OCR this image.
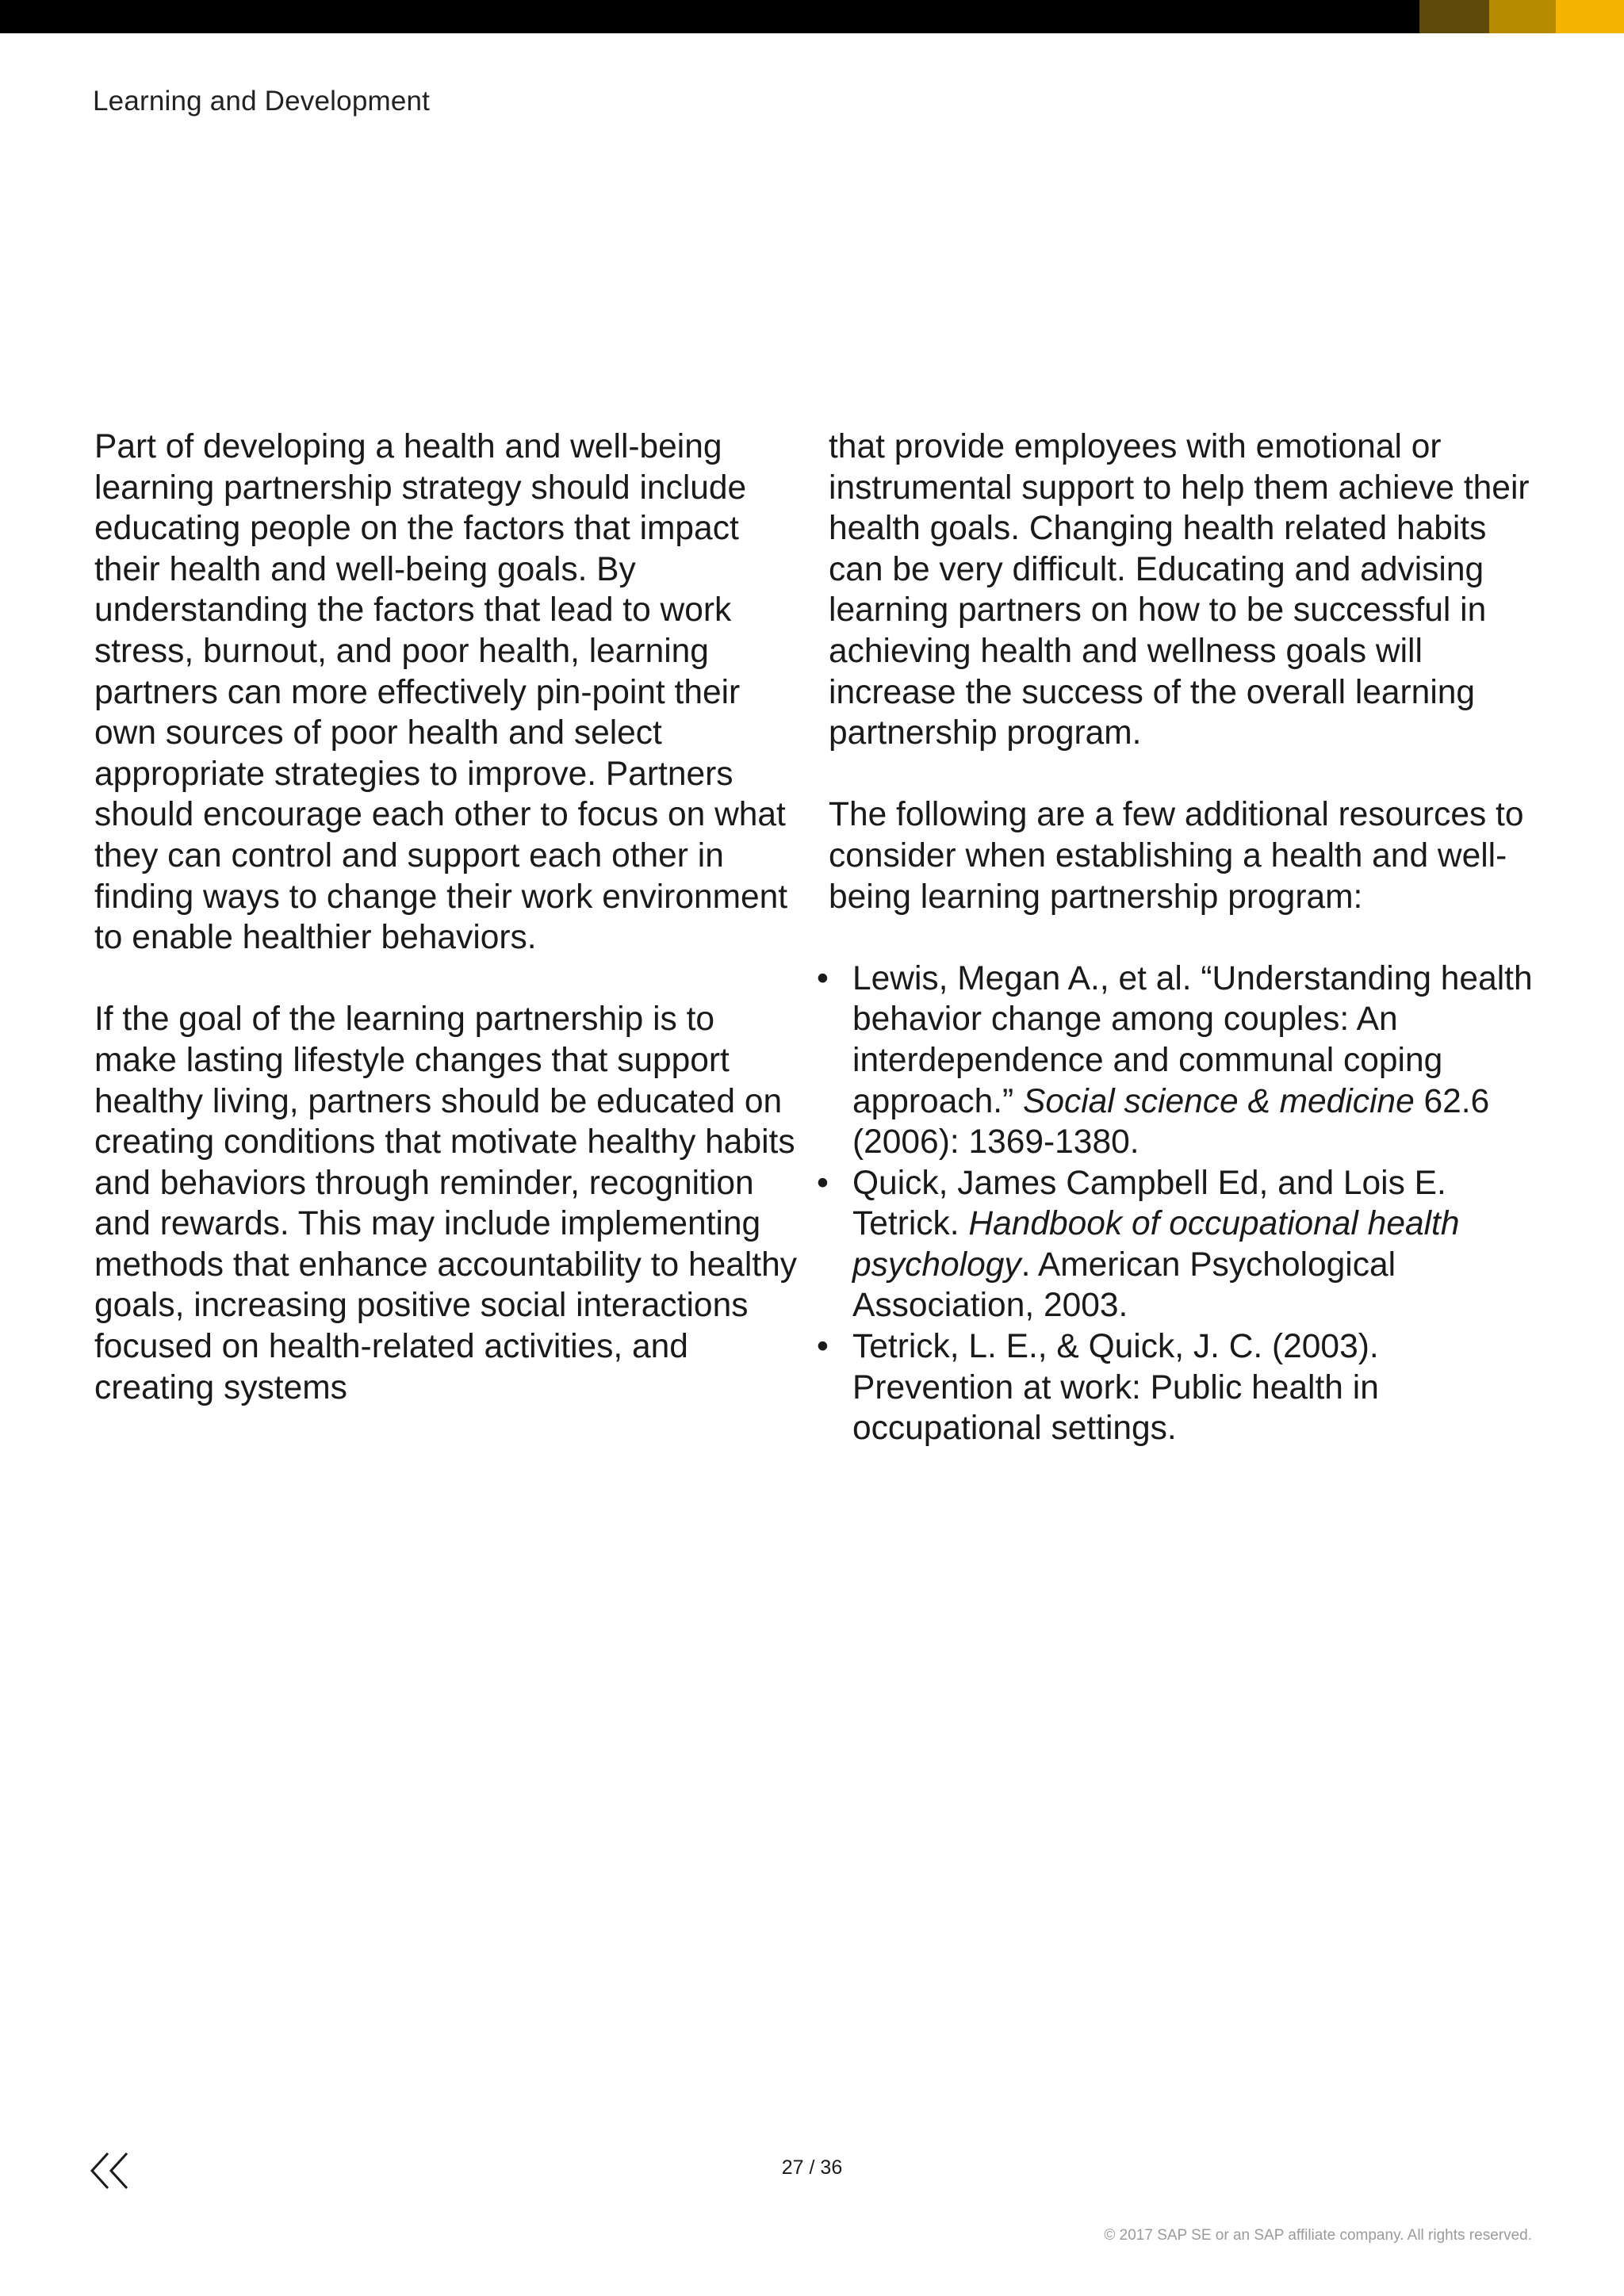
Learning and Development

Part of developing a health and well-being learning partnership strategy should include educating people on the factors that impact their health and well-being goals. By understanding the factors that lead to work stress, burnout, and poor health, learning partners can more effectively pin-point their own sources of poor health and select appropriate strategies to improve. Partners should encourage each other to focus on what they can control and support each other in finding ways to change their work environment to enable healthier behaviors.

If the goal of the learning partnership is to make lasting lifestyle changes that support healthy living, partners should be educated on creating conditions that motivate healthy habits and behaviors through reminder, recognition and rewards. This may include implementing methods that enhance accountability to healthy goals, increasing positive social interactions focused on health-related activities, and creating systems

that provide employees with emotional or instrumental support to help them achieve their health goals. Changing health related habits can be very difficult. Educating and advising learning partners on how to be successful in achieving health and wellness goals will increase the success of the overall learning partnership program.

The following are a few additional resources to consider when establishing a health and well-being learning partnership program:

• Lewis, Megan A., et al. “Understanding health behavior change among couples: An interdependence and communal coping approach.” Social science & medicine 62.6 (2006): 1369-1380.
• Quick, James Campbell Ed, and Lois E. Tetrick. Handbook of occupational health psychology. American Psychological Association, 2003.
• Tetrick, L. E., & Quick, J. C. (2003). Prevention at work: Public health in occupational settings.
27 / 36
© 2017 SAP SE or an SAP affiliate company. All rights reserved.
